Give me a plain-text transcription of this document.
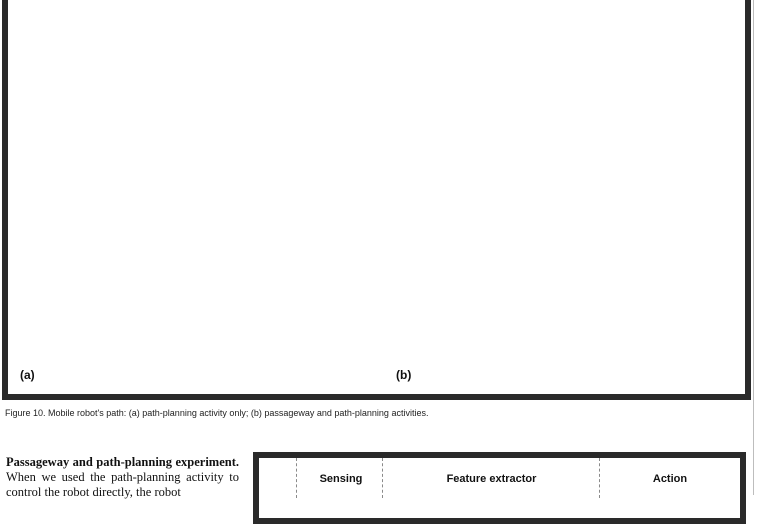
(a)	(b)
Figure 10. Mobile robot's path: (a) path-planning activity only; (b) passageway and path-planning activities.
Passageway and path-planning experiment. When we used the path-planning activity to control the robot directly, the robot
Sensing	Feature extractor	Action
